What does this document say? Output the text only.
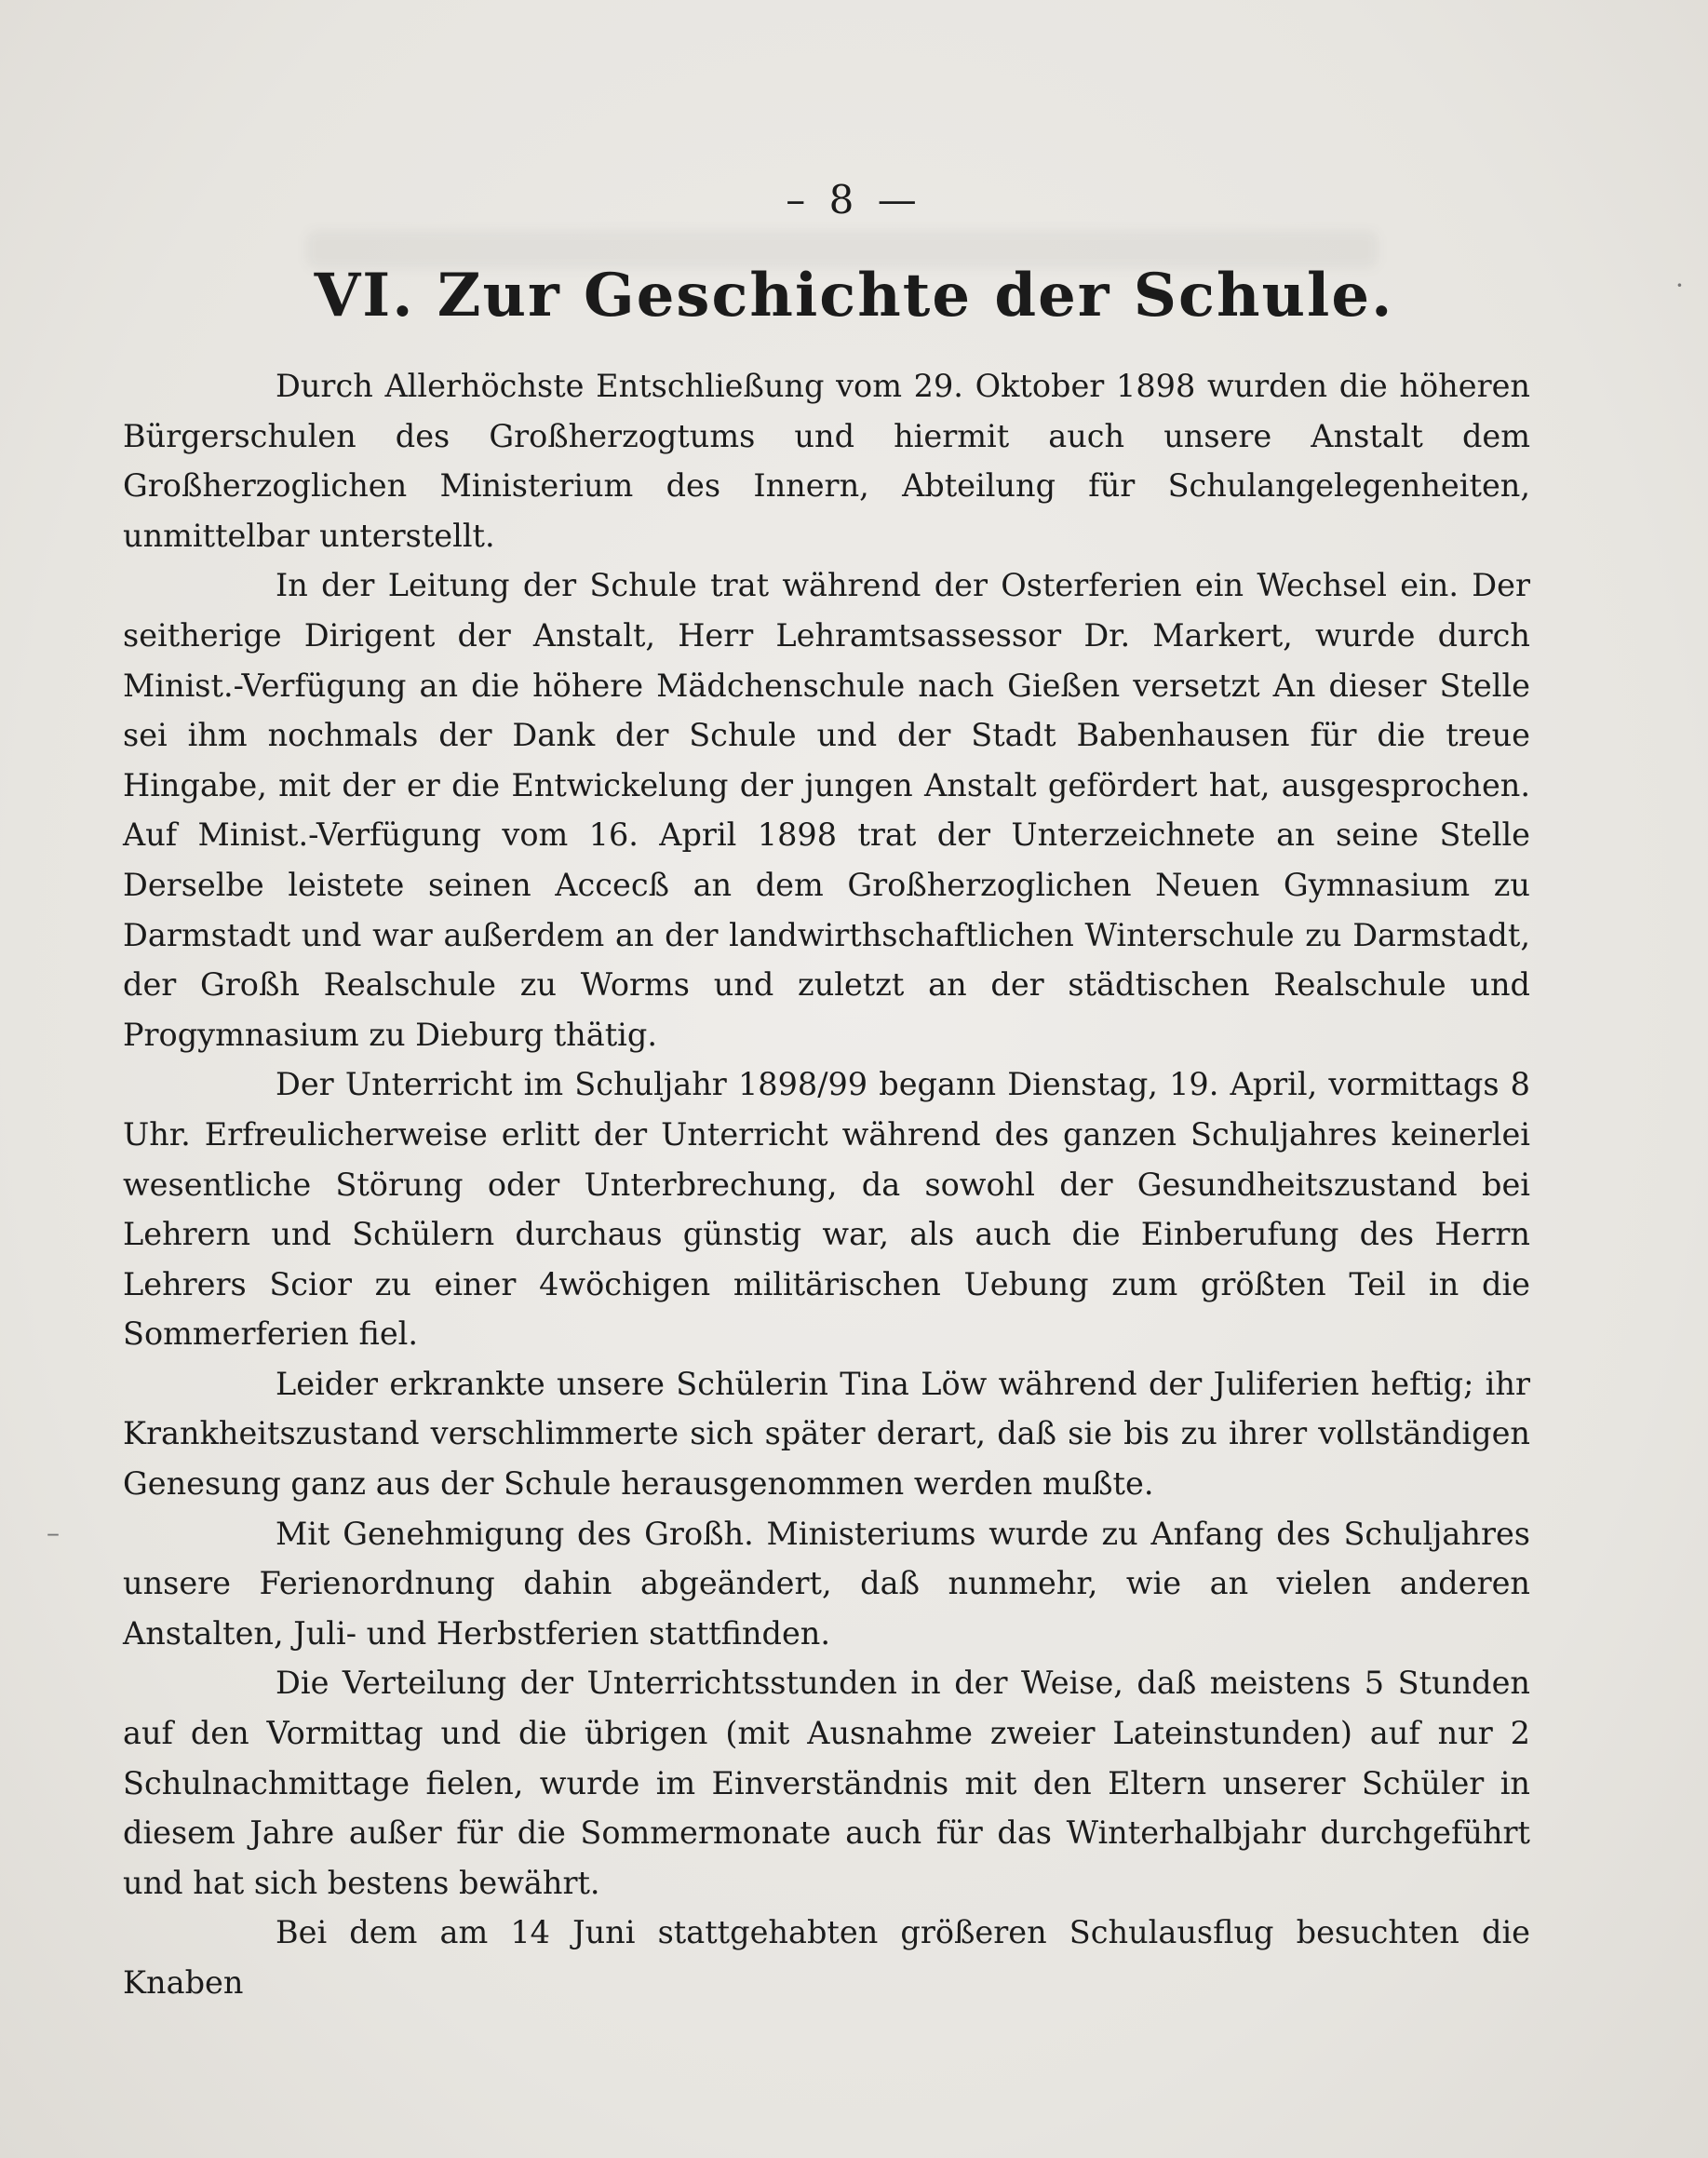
– 8 —
VI. Zur Geschichte der Schule.

Durch Allerhöchste Entschließung vom 29. Oktober 1898 wurden die höheren Bürgerschulen des Großherzogtums und hiermit auch unsere Anstalt dem Großherzoglichen Ministerium des Innern, Abteilung für Schulangelegenheiten, unmittelbar unterstellt.

In der Leitung der Schule trat während der Osterferien ein Wechsel ein. Der seitherige Dirigent der Anstalt, Herr Lehramtsassessor Dr. Markert, wurde durch Minist.-Verfügung an die höhere Mädchenschule nach Gießen versetzt An dieser Stelle sei ihm nochmals der Dank der Schule und der Stadt Babenhausen für die treue Hingabe, mit der er die Entwickelung der jungen Anstalt gefördert hat, ausgesprochen. Auf Minist.-Verfügung vom 16. April 1898 trat der Unterzeichnete an seine Stelle Derselbe leistete seinen Accecß an dem Großherzoglichen Neuen Gymnasium zu Darmstadt und war außerdem an der landwirthschaftlichen Winterschule zu Darmstadt, der Großh Realschule zu Worms und zuletzt an der städtischen Realschule und Progymnasium zu Dieburg thätig.

Der Unterricht im Schuljahr 1898/99 begann Dienstag, 19. April, vormittags 8 Uhr. Erfreulicherweise erlitt der Unterricht während des ganzen Schuljahres keinerlei wesentliche Störung oder Unterbrechung, da sowohl der Gesundheitszustand bei Lehrern und Schülern durchaus günstig war, als auch die Einberufung des Herrn Lehrers Scior zu einer 4wöchigen militärischen Uebung zum größten Teil in die Sommerferien fiel.

Leider erkrankte unsere Schülerin Tina Löw während der Juliferien heftig; ihr Krankheitszustand verschlimmerte sich später derart, daß sie bis zu ihrer vollständigen Genesung ganz aus der Schule herausgenommen werden mußte.

Mit Genehmigung des Großh. Ministeriums wurde zu Anfang des Schuljahres unsere Ferienordnung dahin abgeändert, daß nunmehr, wie an vielen anderen Anstalten, Juli- und Herbstferien stattfinden.

Die Verteilung der Unterrichtsstunden in der Weise, daß meistens 5 Stunden auf den Vormittag und die übrigen (mit Ausnahme zweier Lateinstunden) auf nur 2 Schulnachmittage fielen, wurde im Einverständnis mit den Eltern unserer Schüler in diesem Jahre außer für die Sommermonate auch für das Winterhalbjahr durchgeführt und hat sich bestens bewährt.

Bei dem am 14 Juni stattgehabten größeren Schulausflug besuchten die Knaben

·
–
